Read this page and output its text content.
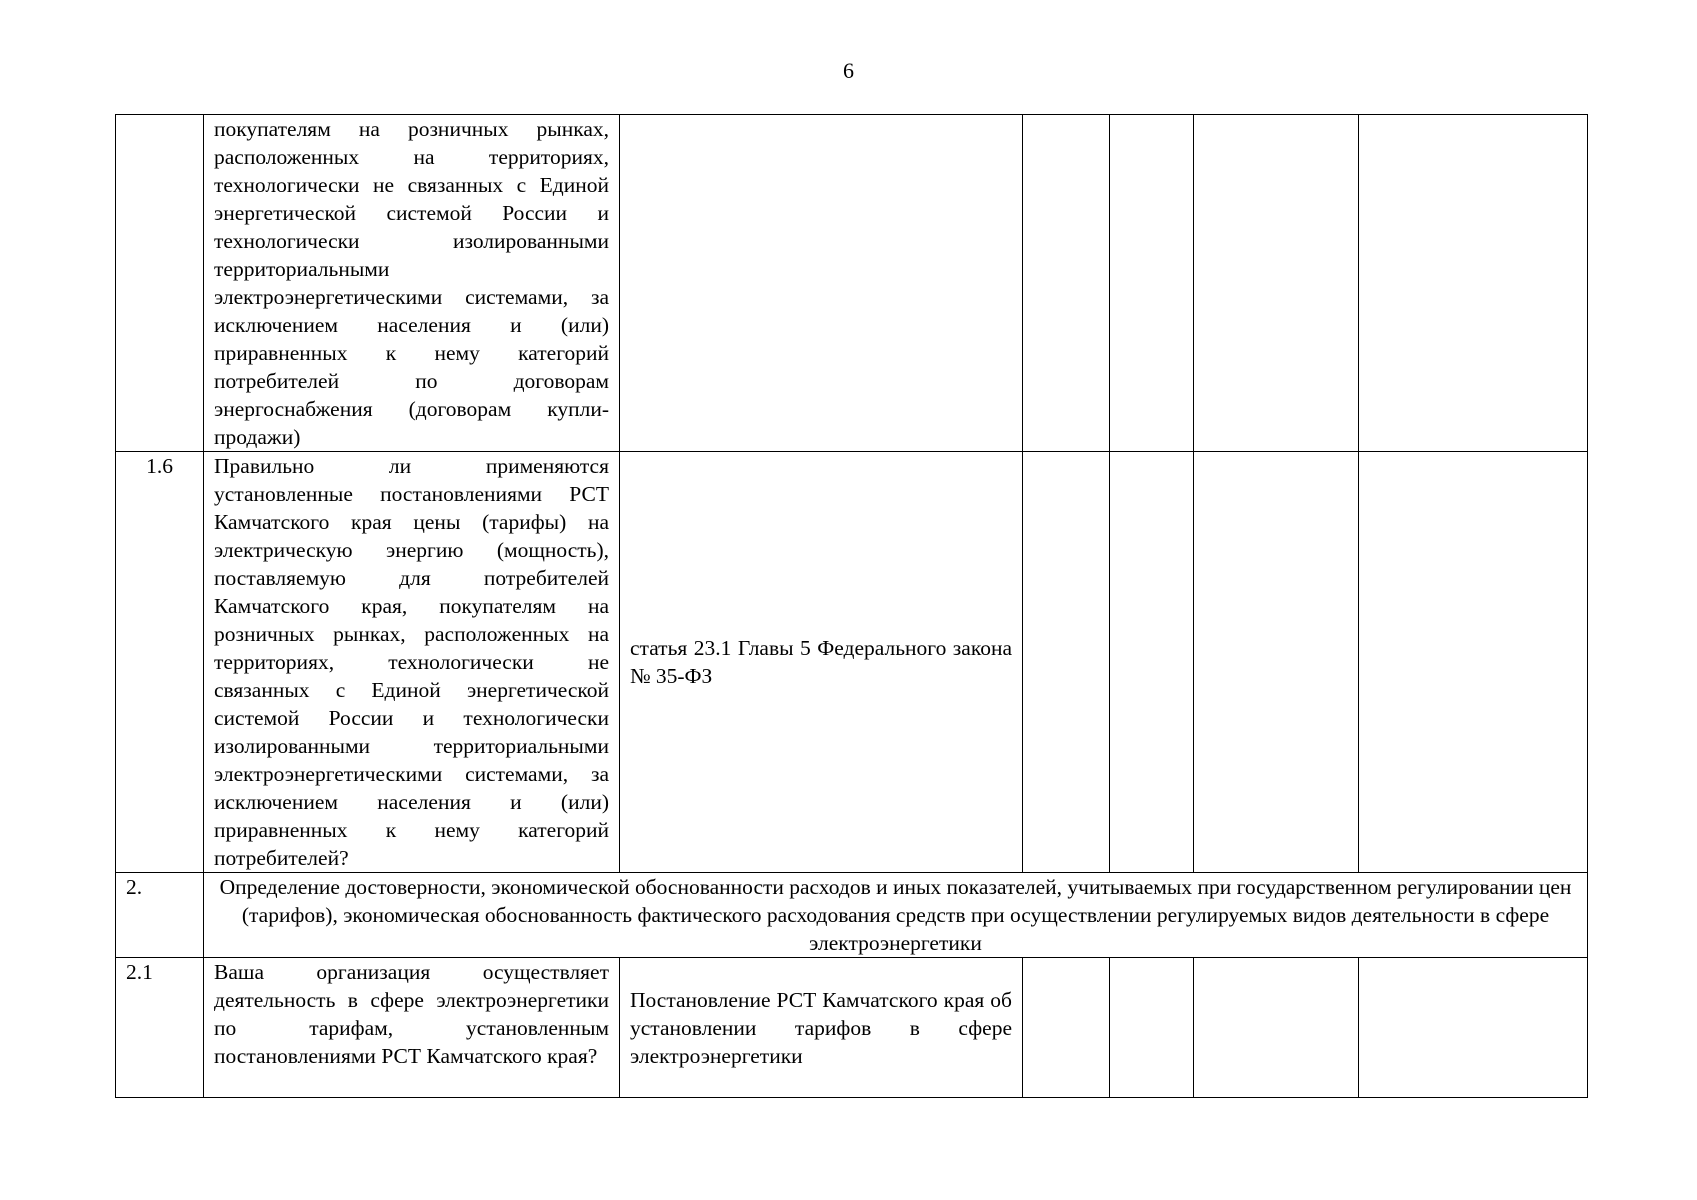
6
	покупателям на розничных рынках, расположенных на территориях, технологически не связанных с Единой энергетической системой России и технологически изолированными территориальными электроэнергетическими системами, за исключением населения и (или) приравненных к нему категорий потребителей по договорам энергоснабжения (договорам купли-продажи)					
1.6	Правильно ли применяются установленные постановлениями РСТ Камчатского края цены (тарифы) на электрическую энергию (мощность), поставляемую для потребителей Камчатского края, покупателям на розничных рынках, расположенных на территориях, технологически не связанных с Единой энергетической системой России и технологически изолированными территориальными электроэнергетическими системами, за исключением населения и (или) приравненных к нему категорий потребителей?	статья 23.1 Главы 5 Федерального закона № 35-ФЗ				
2.	Определение достоверности, экономической обоснованности расходов и иных показателей, учитываемых при государственном регулировании цен (тарифов), экономическая обоснованность фактического расходования средств при осуществлении регулируемых видов деятельности в сфере электроэнергетики					
2.1	Ваша организация осуществляет деятельность в сфере электроэнергетики по тарифам, установленным постановлениями РСТ Камчатского края?	Постановление РСТ Камчатского края об установлении тарифов в сфере электроэнергетики				
